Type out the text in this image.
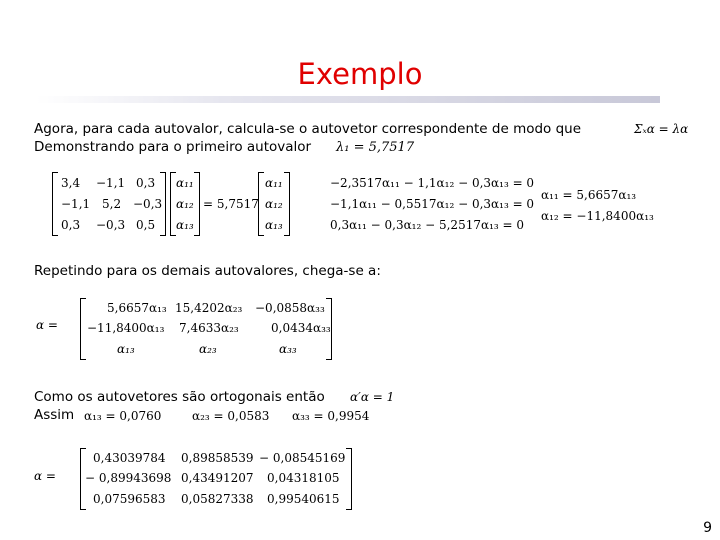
Exemplo
Agora, para cada autovalor, calcula-se o autovetor correspondente de modo que	Σₓα = λα
Demonstrando para o primeiro autovalor λ₁ = 5,7517
3,4 −1,1 0,3
−1,1 5,2 −0,3
0,3 −0,3 0,5
α₁₁
α₁₂
α₁₃
= 5,7517
α₁₁
α₁₂
α₁₃
−2,3517α₁₁ − 1,1α₁₂ − 0,3α₁₃ = 0
−1,1α₁₁ − 0,5517α₁₂ − 0,3α₁₃ = 0
0,3α₁₁ − 0,3α₁₂ − 5,2517α₁₃ = 0
α₁₁ = 5,6657α₁₃
α₁₂ = −11,8400α₁₃
Repetindo para os demais autovalores, chega-se a:
α =
5,6657α₁₃ 15,4202α₂₃ −0,0858α₃₃
−11,8400α₁₃ 7,4633α₂₃	0,0434α₃₃
α₁₃	α₂₃	α₃₃
Como os autovetores são ortogonais então α′α = 1
Assim α₁₃ = 0,0760	α₂₃ = 0,0583 α₃₃ = 0,9954
α =
0,43039784 0,89858539 − 0,08545169
− 0,89943698 0,43491207 0,04318105
0,07596583 0,05827338 0,99540615
9
